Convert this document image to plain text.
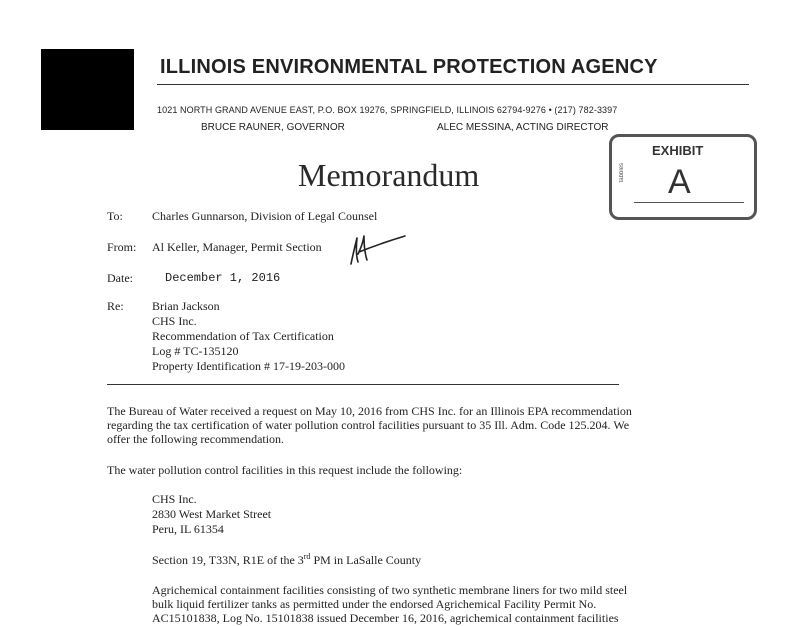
ILLINOIS ENVIRONMENTAL PROTECTION AGENCY
1021 NORTH GRAND AVENUE EAST, P.O. BOX 19276, SPRINGFIELD, ILLINOIS 62794-9276 • (217) 782-3397
BRUCE RAUNER, GOVERNOR	ALEC MESSINA, ACTING DIRECTOR
tabbles
EXHIBIT
A
Memorandum
To: Charles Gunnarson, Division of Legal Counsel
From: Al Keller, Manager, Permit Section
Date:	December 1, 2016
Re: Brian Jackson
CHS Inc.
Recommendation of Tax Certification
Log # TC-135120
Property Identification # 17-19-203-000
The Bureau of Water received a request on May 10, 2016 from CHS Inc. for an Illinois EPA recommendation
regarding the tax certification of water pollution control facilities pursuant to 35 Ill. Adm. Code 125.204. We
offer the following recommendation.
The water pollution control facilities in this request include the following:
CHS Inc.
2830 West Market Street
Peru, IL 61354
Section 19, T33N, R1E of the 3rd PM in LaSalle County
Agrichemical containment facilities consisting of two synthetic membrane liners for two mild steel
bulk liquid fertilizer tanks as permitted under the endorsed Agrichemical Facility Permit No.
AC15101838, Log No. 15101838 issued December 16, 2016, agrichemical containment facilities
